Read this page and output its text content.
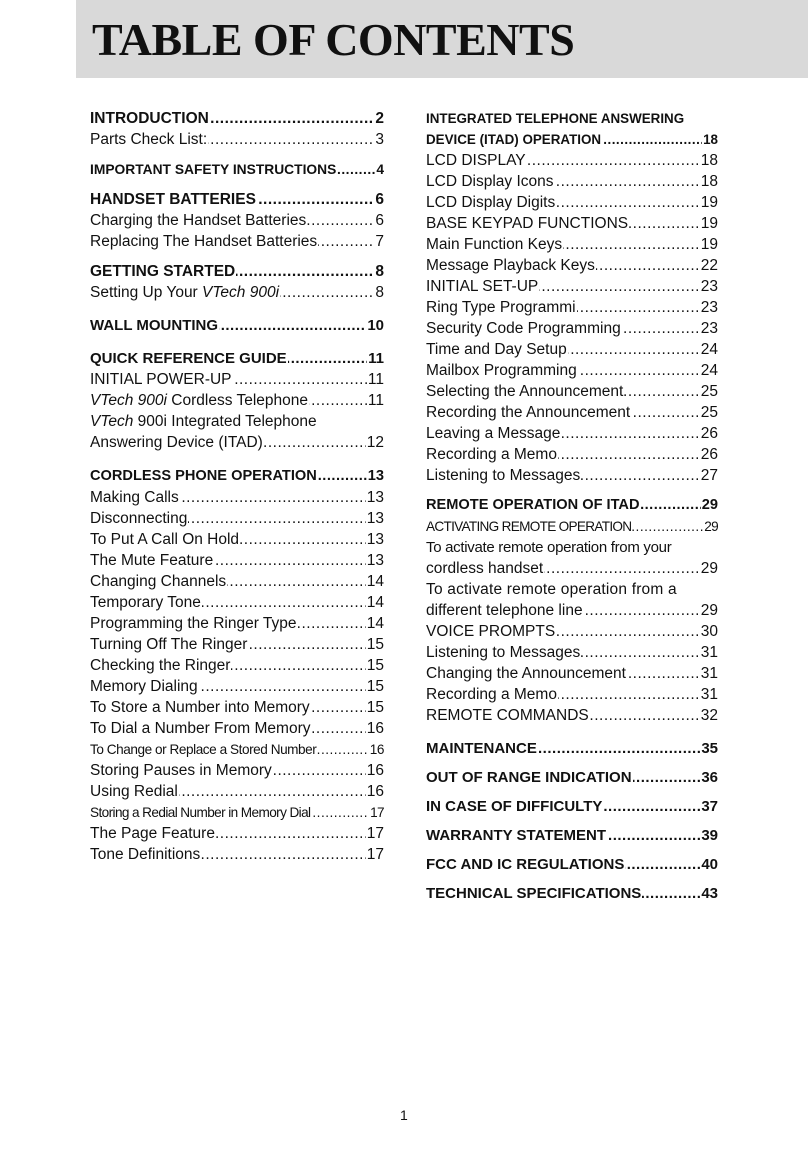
TABLE OF CONTENTS
..... INTRODUCTION	2
..... Parts Check List:	3
..... IMPORTANT SAFETY INSTRUCTIONS	4
..... HANDSET BATTERIES	6
..... Charging the Handset Batteries	6
..... Replacing The Handset Batteries	7
..... GETTING STARTED	8
..... Setting Up Your VTech 900i	8
..... WALL MOUNTING	10
..... QUICK REFERENCE GUIDE	11
..... INITIAL POWER-UP	11
..... VTech 900i Cordless Telephone	11
VTech 900i Integrated Telephone
..... Answering Device (ITAD)	12
..... CORDLESS PHONE OPERATION	13
..... Making Calls	13
..... Disconnecting	13
..... To Put A Call On Hold	13
..... The Mute Feature	13
..... Changing Channels	14
..... Temporary Tone	14
..... Programming the Ringer Type	14
..... Turning Off The Ringer	15
..... Checking the Ringer	15
..... Memory Dialing	15
..... To Store a Number into Memory	15
..... To Dial a Number From Memory	16
..... To Change or Replace a Stored Number	16
..... Storing Pauses in Memory	16
..... Using Redial	16
..... Storing a Redial Number in Memory Dial	17
..... The Page Feature	17
..... Tone Definitions	17
INTEGRATED TELEPHONE ANSWERING
..... DEVICE (ITAD) OPERATION	18
..... LCD DISPLAY	18
..... LCD Display Icons	18
..... LCD Display Digits	19
..... BASE KEYPAD FUNCTIONS	19
..... Main Function Keys	19
..... Message Playback Keys	22
..... INITIAL SET-UP	23
..... Ring Type Programmi	23
..... Security Code Programming	23
..... Time and Day Setup	24
..... Mailbox Programming	24
..... Selecting the Announcement	25
..... Recording the Announcement	25
..... Leaving a Message	26
..... Recording a Memo	26
..... Listening to Messages	27
..... REMOTE OPERATION OF ITAD	29
..... ACTIVATING REMOTE OPERATION	29
To activate remote operation from your
..... cordless handset	29
To activate remote operation from a
..... different telephone line	29
..... VOICE PROMPTS	30
..... Listening to Messages	31
..... Changing the Announcement	31
..... Recording a Memo	31
..... REMOTE COMMANDS	32
..... MAINTENANCE	35
..... OUT OF RANGE INDICATION	36
..... IN CASE OF DIFFICULTY	37
..... WARRANTY STATEMENT	39
..... FCC AND IC REGULATIONS	40
..... TECHNICAL SPECIFICATIONS	43
1
